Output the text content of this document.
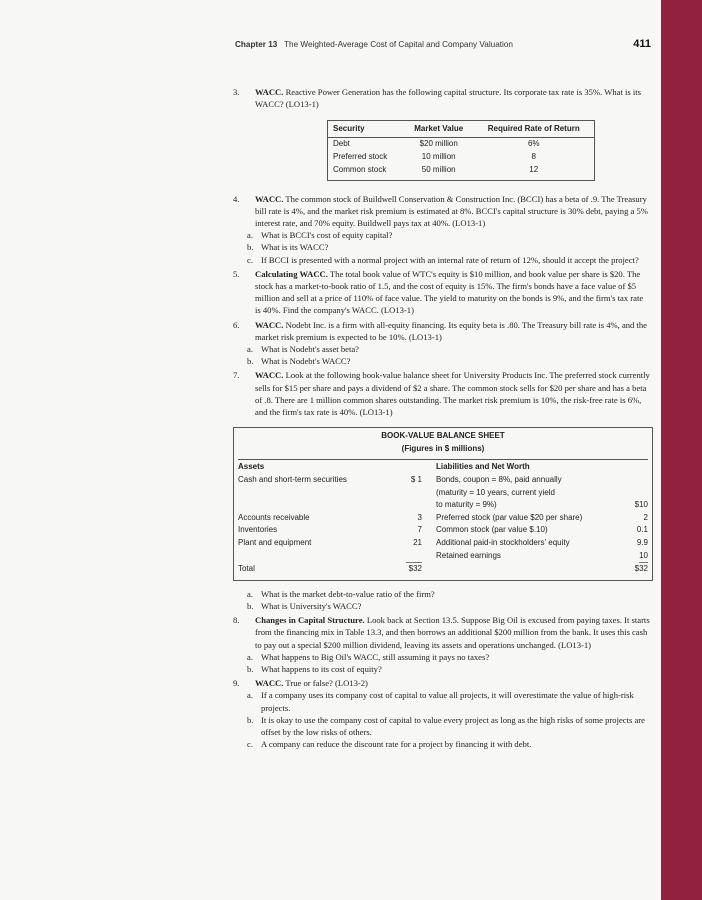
Chapter 13 The Weighted-Average Cost of Capital and Company Valuation	411
3. WACC. Reactive Power Generation has the following capital structure. Its corporate tax rate is 35%. What is its WACC? (LO13-1)
Security	Market Value	Required Rate of Return
Debt	$20 million	6%
Preferred stock	10 million	8
Common stock	50 million	12
4. WACC. The common stock of Buildwell Conservation & Construction Inc. (BCCI) has a beta of .9. The Treasury bill rate is 4%, and the market risk premium is estimated at 8%. BCCI's capital structure is 30% debt, paying a 5% interest rate, and 70% equity. Buildwell pays tax at 40%. (LO13-1)
a. What is BCCI's cost of equity capital?
b. What is its WACC?
c. If BCCI is presented with a normal project with an internal rate of return of 12%, should it accept the project?
5. Calculating WACC. The total book value of WTC's equity is $10 million, and book value per share is $20. The stock has a market-to-book ratio of 1.5, and the cost of equity is 15%. The firm's bonds have a face value of $5 million and sell at a price of 110% of face value. The yield to maturity on the bonds is 9%, and the firm's tax rate is 40%. Find the company's WACC. (LO13-1)
6. WACC. Nodebt Inc. is a firm with all-equity financing. Its equity beta is .80. The Treasury bill rate is 4%, and the market risk premium is expected to be 10%. (LO13-1)
a. What is Nodebt's asset beta?
b. What is Nodebt's WACC?
7. WACC. Look at the following book-value balance sheet for University Products Inc. The preferred stock currently sells for $15 per share and pays a dividend of $2 a share. The common stock sells for $20 per share and has a beta of .8. There are 1 million common shares outstanding. The market risk premium is 10%, the risk-free rate is 6%, and the firm's tax rate is 40%. (LO13-1)
BOOK-VALUE BALANCE SHEET
(Figures in $ millions)
Assets			Liabilities and Net Worth	
Cash and short-term securities	$ 1		Bonds, coupon = 8%, paid annually	
			(maturity = 10 years, current yield	
			to maturity = 9%)	$10
Accounts receivable	3		Preferred stock (par value $20 per share)	2
Inventories	7		Common stock (par value $.10)	0.1
Plant and equipment	21		Additional paid-in stockholders' equity	9.9
			Retained earnings	10
Total	$32			$32
a. What is the market debt-to-value ratio of the firm?
b. What is University's WACC?
8. Changes in Capital Structure. Look back at Section 13.5. Suppose Big Oil is excused from paying taxes. It starts from the financing mix in Table 13.3, and then borrows an additional $200 million from the bank. It uses this cash to pay out a special $200 million dividend, leaving its assets and operations unchanged. (LO13-1)
a. What happens to Big Oil's WACC, still assuming it pays no taxes?
b. What happens to its cost of equity?
9. WACC. True or false? (LO13-2)
a. If a company uses its company cost of capital to value all projects, it will overestimate the value of high-risk projects.
b. It is okay to use the company cost of capital to value every project as long as the high risks of some projects are offset by the low risks of others.
c. A company can reduce the discount rate for a project by financing it with debt.
